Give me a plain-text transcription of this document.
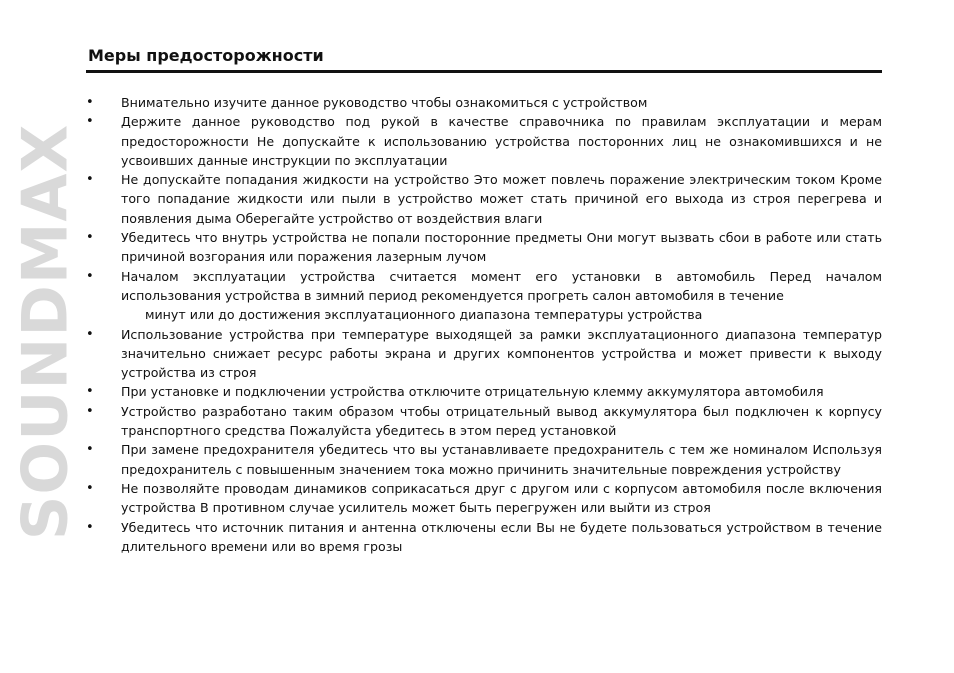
SOUNDMAX
Меры предосторожности
• Внимательно изучите данное руководство чтобы ознакомиться с устройством
• Держите данное руководство под рукой в качестве справочника по правилам эксплуатации и мерам предосторожности Не допускайте к использованию устройства посторонних лиц не ознакомившихся и не усвоивших данные инструкции по эксплуатации
• Не допускайте попадания жидкости на устройство Это может повлечь поражение электрическим током Кроме того попадание жидкости или пыли в устройство может стать причиной его выхода из строя перегрева и появления дыма Оберегайте устройство от воздействия влаги
• Убедитесь что внутрь устройства не попали посторонние предметы Они могут вызвать сбои в работе или стать причиной возгорания или поражения лазерным лучом
• Началом эксплуатации устройства считается момент его установки в автомобиль Перед началом использования устройства в зимний период рекомендуется прогреть салон автомобиля в течение
минут или до достижения эксплуатационного диапазона температуры устройства
• Использование устройства при температуре выходящей за рамки эксплуатационного диапазона температур значительно снижает ресурс работы экрана и других компонентов устройства и может привести к выходу устройства из строя
• При установке и подключении устройства отключите отрицательную клемму аккумулятора автомобиля
• Устройство разработано таким образом чтобы отрицательный вывод аккумулятора был подключен к корпусу транспортного средства Пожалуйста убедитесь в этом перед установкой
• При замене предохранителя убедитесь что вы устанавливаете предохранитель с тем же номиналом Используя предохранитель с повышенным значением тока можно причинить значительные повреждения устройству
• Не позволяйте проводам динамиков соприкасаться друг с другом или с корпусом автомобиля после включения устройства В противном случае усилитель может быть перегружен или выйти из строя
• Убедитесь что источник питания и антенна отключены если Вы не будете пользоваться устройством в течение длительного времени или во время грозы
